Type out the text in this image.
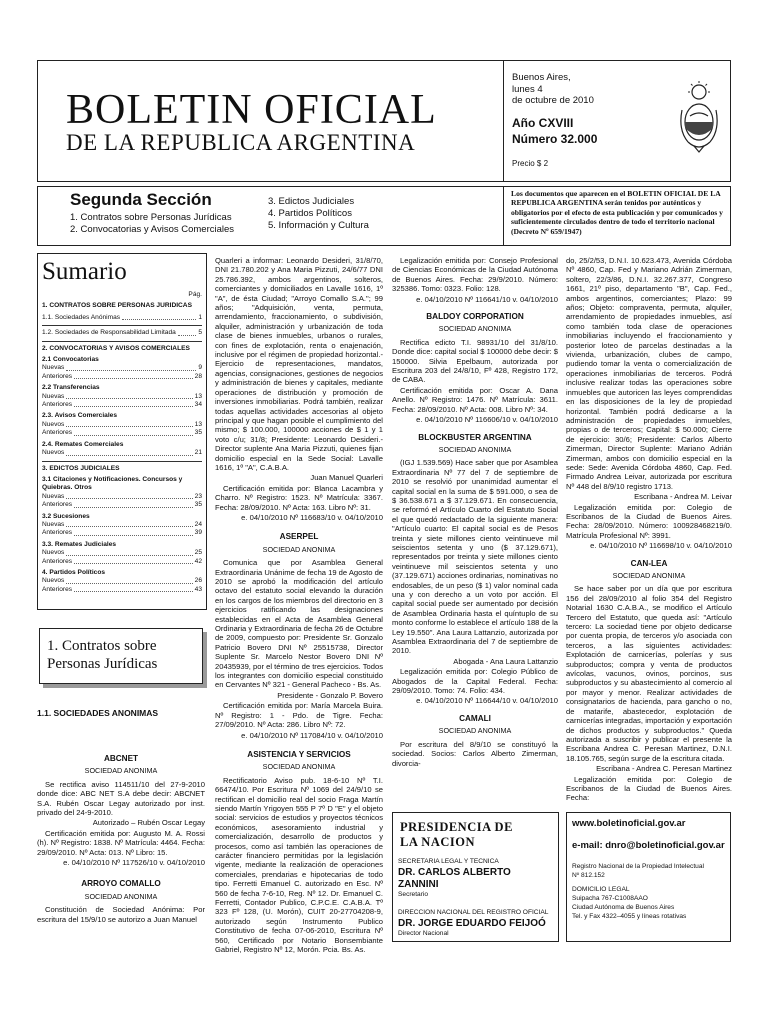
BOLETIN OFICIAL
DE LA REPUBLICA ARGENTINA
Buenos Aires,
lunes 4
de octubre de 2010
Año CXVIII
Número 32.000
Precio $ 2
Segunda Sección
1. Contratos sobre Personas Jurídicas
2. Convocatorias y Avisos Comerciales
3. Edictos Judiciales
4. Partidos Políticos
5. Información y Cultura
Los documentos que aparecen en el BOLETIN OFICIAL DE LA REPUBLICA ARGENTINA serán tenidos por auténticos y obligatorios por el efecto de esta publicación y por comunicados y suficientemente circulados dentro de todo el territorio nacional (Decreto Nº 659/1947)
Sumario
Pág.
1. CONTRATOS SOBRE PERSONAS JURIDICAS
1.1. Sociedades Anónimas	1
1.2. Sociedades de Responsabilidad Limitada	5
2. CONVOCATORIAS Y AVISOS COMERCIALES
2.1 Convocatorias
Nuevas	9
Anteriores	28
2.2 Transferencias
Nuevas	13
Anteriores	34
2.3. Avisos Comerciales
Nuevos	13
Anteriores	35
2.4. Remates Comerciales
Nuevos	21
3. EDICTOS JUDICIALES
3.1 Citaciones y Notificaciones. Concursos y Quiebras. Otros
Nuevas	23
Anteriores	35
3.2 Sucesiones
Nuevas	24
Anteriores	39
3.3. Remates Judiciales
Nuevos	25
Anteriores	42
4. Partidos Políticos
Nuevos	26
Anteriores	43
1. Contratos sobre Personas Jurídicas
1.1. SOCIEDADES ANONIMAS
ABCNET
SOCIEDAD ANONIMA

Se rectifica aviso 114511/10 del 27-9-2010 donde dice: ABC NET S.A debe decir: ABCNET S.A. Rubén Oscar Legay autorizado por inst. privado del 24-9-2010.

Autorizado – Rubén Oscar Legay

Certificación emitida por: Augusto M. A. Rossi (h). Nº Registro: 1838. Nº Matrícula: 4464. Fecha: 29/09/2010. Nº Acta: 013. Nº Libro: 15.

e. 04/10/2010 Nº 117526/10 v. 04/10/2010

ARROYO COMALLO
SOCIEDAD ANONIMA

Constitución de Sociedad Anónima: Por escritura del 15/9/10 se autorizo a Juan Manuel

Quarleri a informar: Leonardo Desideri, 31/8/70, DNI 21.780.202 y Ana Maria Pizzuti, 24/6/77 DNI 25.786.392, ambos argentinos, solteros, comerciantes y domiciliados en Lavalle 1616, 1º "A", de ésta Ciudad; "Arroyo Comallo S.A."; 99 años; "Adquisición, venta, permuta, arrendamiento, fraccionamiento, o subdivisión, alquiler, administración y urbanización de toda clase de bienes inmuebles, urbanos o rurales, con fines de explotación, renta o enajenación, inclusive por el régimen de propiedad horizontal.- Ejercicio de representaciones, mandatos, agencias, consignaciones, gestiones de negocios y administración de bienes y capitales, mediante operaciones de distribución y promoción de inversiones inmobiliarias. Podrá también, realizar todas aquellas actividades accesorias al objeto principal y que hagan posible el cumplimiento del mismo; $ 100.000, 100000 acciones de $ 1 y 1 voto c/u; 31/8; Presidente: Leonardo Desideri.- Director suplente Ana Maria Pizzuti, quienes fijan domicilio especial en la Sede Social: Lavalle 1616, 1º "A", C.A.B.A.

Juan Manuel Quarleri

Certificación emitida por: Blanca Lacambra y Charro. Nº Registro: 1523. Nº Matrícula: 3367. Fecha: 28/09/2010. Nº Acta: 163. Libro Nº: 31.

e. 04/10/2010 Nº 116683/10 v. 04/10/2010

ASERPEL
SOCIEDAD ANONIMA

Comunica que por Asamblea General Extraordinaria Unánime de fecha 19 de Agosto de 2010 se aprobó la modificación del artículo octavo del estatuto social elevando la duración en los cargos de los miembros del directorio en 3 ejercicios ratificando las designaciones establecidas en el Acta de Asamblea General Ordinaria y Extraordinaria de fecha 26 de Octubre de 2009, compuesto por: Presidente Sr. Gonzalo Patricio Bovero DNI Nº 25515738, Director Suplente Sr. Marcelo Nestor Bovero DNI Nº 20435939, por el término de tres ejercicios. Todos los integrantes con domicilio especial constituido en Cervantes Nº 321 - General Pacheco - Bs. As.

Presidente - Gonzalo P. Bovero

Certificación emitida por: María Marcela Buira. Nº Registro: 1 - Pdo. de Tigre. Fecha: 27/09/2010. Nº Acta: 286. Libro Nº: 72.

e. 04/10/2010 Nº 117084/10 v. 04/10/2010

ASISTENCIA Y SERVICIOS
SOCIEDAD ANONIMA

Rectificatorio Aviso pub. 18-6-10 Nº T.I. 66474/10. Por Escritura Nº 1069 del 24/9/10 se rectifican el domicilio real del socio Fraga Martín siendo Martín Yrigoyen 555 P 7º D "E" y el objeto social: servicios de estudios y proyectos técnicos económicos, asesoramiento industrial y comercialización, desarrollo de productos y procesos, como así también las operaciones de carácter financiero permitidas por la legislación vigente, mediante la realización de operaciones comerciales, prendarias e hipotecarias de todo tipo. Ferretti Emanuel C. autorizado en Esc. Nº 560 de fecha 7-6-10, Reg. Nº 12. Dr. Emanuel C. Ferretti, Contador Publico, C.P.C.E. C.A.B.A. Tº 323 Fº 128, (U. Morón), CUIT 20-27704208-9, autorizado según Instrumento Publico Constitutivo de fecha 07-06-2010, Escritura Nº 560, Certificado por Notario Bonsembiante Gabriel, Registro Nº 12, Morón. Pcia. Bs. As.

Legalización emitida por: Consejo Profesional de Ciencias Económicas de la Ciudad Autónoma de Buenos Aires. Fecha: 29/9/2010. Número: 325386. Tomo: 0323. Folio: 128.

e. 04/10/2010 Nº 116641/10 v. 04/10/2010

BALDOY CORPORATION
SOCIEDAD ANONIMA

Rectifica edicto T.I. 98931/10 del 31/8/10. Donde dice: capital social $ 100000 debe decir: $ 150000. Silvia Epelbaum, autorizada por Escritura 203 del 24/8/10, Fº 428, Registro 172, de CABA.

Certificación emitida por: Oscar A. Dana Anello. Nº Registro: 1476. Nº Matrícula: 3611. Fecha: 28/09/2010. Nº Acta: 008. Libro Nº: 34.

e. 04/10/2010 Nº 116606/10 v. 04/10/2010

BLOCKBUSTER ARGENTINA
SOCIEDAD ANONIMA

(IGJ 1.539.569) Hace saber que por Asamblea Extraordinaria Nº 77 del 7 de septiembre de 2010 se resolvió por unanimidad aumentar el capital social en la suma de $ 591.000, o sea de $ 36.538.671 a $ 37.129.671. En consecuencia, se reformó el Artículo Cuarto del Estatuto Social el que quedó redactado de la siguiente manera: "Artículo cuarto: El capital social es de Pesos treinta y siete millones ciento veintinueve mil seiscientos setenta y uno ($ 37.129.671), representados por treinta y siete millones ciento veintinueve mil seiscientos setenta y uno (37.129.671) acciones ordinarias, nominativas no endosables, de un peso ($ 1) valor nominal cada una y con derecho a un voto por acción. El capital social puede ser aumentado por decisión de Asamblea Ordinaria hasta el quíntuplo de su monto conforme lo establece el artículo 188 de la Ley 19.550". Ana Laura Lattanzio, autorizada por Asamblea Extraordinaria del 7 de septiembre de 2010.

Abogada - Ana Laura Lattanzio

Legalización emitida por: Colegio Público de Abogados de la Capital Federal. Fecha: 29/09/2010. Tomo: 74. Folio: 434.

e. 04/10/2010 Nº 116644/10 v. 04/10/2010

CAMALI
SOCIEDAD ANONIMA

Por escritura del 8/9/10 se constituyó la sociedad. Socios: Carlos Alberto Zimerman, divorcia-

do, 25/2/53, D.N.I. 10.623.473, Avenida Córdoba Nº 4860, Cap. Fed y Mariano Adrián Zimerman, soltero, 22/3/86, D.N.I. 32.267.377, Congreso 1661, 21º piso, departamento "B", Cap. Fed., ambos argentinos, comerciantes; Plazo: 99 años; Objeto: compraventa, permuta, alquiler, arrendamiento de propiedades inmuebles, así como también toda clase de operaciones inmobiliarias incluyendo el fraccionamiento y posterior loteo de parcelas destinadas a la vivienda, urbanización, clubes de campo, pudiendo tomar la venta o comercialización de operaciones inmobiliarias de terceros. Podrá inclusive realizar todas las operaciones sobre inmuebles que autoricen las leyes comprendidas en las disposiciones de la ley de propiedad horizontal. También podrá dedicarse a la administración de propiedades inmuebles, propias o de terceros; Capital: $ 50.000; Cierre de ejercicio: 30/6; Presidente: Carlos Alberto Zimerman, Director Suplente: Mariano Adrián Zimerman, ambos con domicilio especial en la sede: Sede: Avenida Córdoba 4860, Cap. Fed. Firmado Andrea Leivar, autorizada por escritura Nº 448 del 8/9/10 registro 1713.

Escribana - Andrea M. Leivar

Legalización emitida por: Colegio de Escribanos de la Ciudad de Buenos Aires. Fecha: 28/09/2010. Número: 100928468219/0. Matrícula Profesional Nº: 3991.

e. 04/10/2010 Nº 116698/10 v. 04/10/2010

CAN-LEA
SOCIEDAD ANONIMA

Se hace saber por un día que por escritura 156 del 28/09/2010 al folio 354 del Registro Notarial 1630 C.A.B.A., se modifico el Artículo Tercero del Estatuto, que queda así: "Artículo tercero: La sociedad tiene por objeto dedicarse por cuenta propia, de terceros y/o asociada con terceros, a las siguientes actividades: Explotación de carnicerías, polerías y sus subproductos; compra y venta de productos avícolas, vacunos, ovinos, porcinos, sus subproductos y su abastecimiento al comercio al por mayor y menor. Realizar actividades de consignatarios de hacienda, para gancho o no, de matarife, abastecedor, explotación de carnicerías integradas, importación y exportación de dichos productos y subproductos." Queda autorizada a suscribir y publicar el presente la Escribana Andrea C. Peresan Martinez, D.N.I. 18.105.765, según surge de la escritura citada.

Escribana - Andrea C. Peresan Martinez

Legalización emitida por: Colegio de Escribanos de la Ciudad de Buenos Aires. Fecha:

PRESIDENCIA DE
LA NACION
SECRETARIA LEGAL Y TECNICA
DR. CARLOS ALBERTO ZANNINI
Secretario
DIRECCION NACIONAL DEL REGISTRO OFICIAL
DR. JORGE EDUARDO FEIJOÓ
Director Nacional
www.boletinoficial.gov.ar
e-mail: dnro@boletinoficial.gov.ar
Registro Nacional de la Propiedad Intelectual
Nº 812.152
DOMICILIO LEGAL
Suipacha 767-C1008AAO
Ciudad Autónoma de Buenos Aires
Tel. y Fax 4322–4055 y líneas rotativas
